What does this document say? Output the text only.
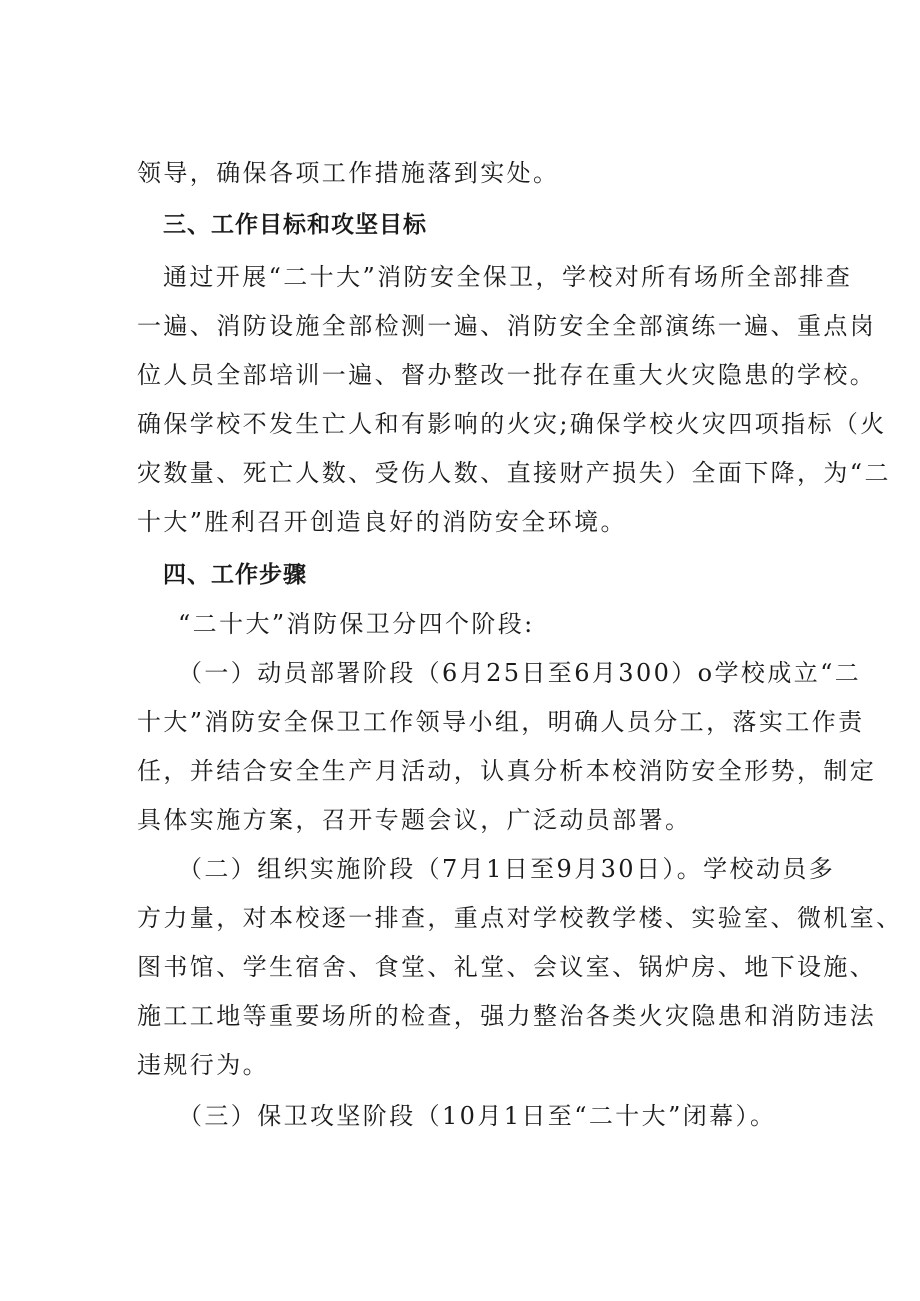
领导，确保各项工作措施落到实处。
三、工作目标和攻坚目标
通过开展“二十大”消防安全保卫，学校对所有场所全部排查
一遍、消防设施全部检测一遍、消防安全全部演练一遍、重点岗
位人员全部培训一遍、督办整改一批存在重大火灾隐患的学校。
确保学校不发生亡人和有影响的火灾;确保学校火灾四项指标（火
灾数量、死亡人数、受伤人数、直接财产损失）全面下降，为“二
十大”胜利召开创造良好的消防安全环境。
四、工作步骤
“二十大”消防保卫分四个阶段:
（一）动员部署阶段（6月25日至6月300）o学校成立“二
十大”消防安全保卫工作领导小组，明确人员分工，落实工作责
任，并结合安全生产月活动，认真分析本校消防安全形势，制定
具体实施方案，召开专题会议，广泛动员部署。
（二）组织实施阶段（7月1日至9月30日）。学校动员多
方力量，对本校逐一排查，重点对学校教学楼、实验室、微机室、
图书馆、学生宿舍、食堂、礼堂、会议室、锅炉房、地下设施、
施工工地等重要场所的检查，强力整治各类火灾隐患和消防违法
违规行为。
（三）保卫攻坚阶段（10月1日至“二十大”闭幕）。
